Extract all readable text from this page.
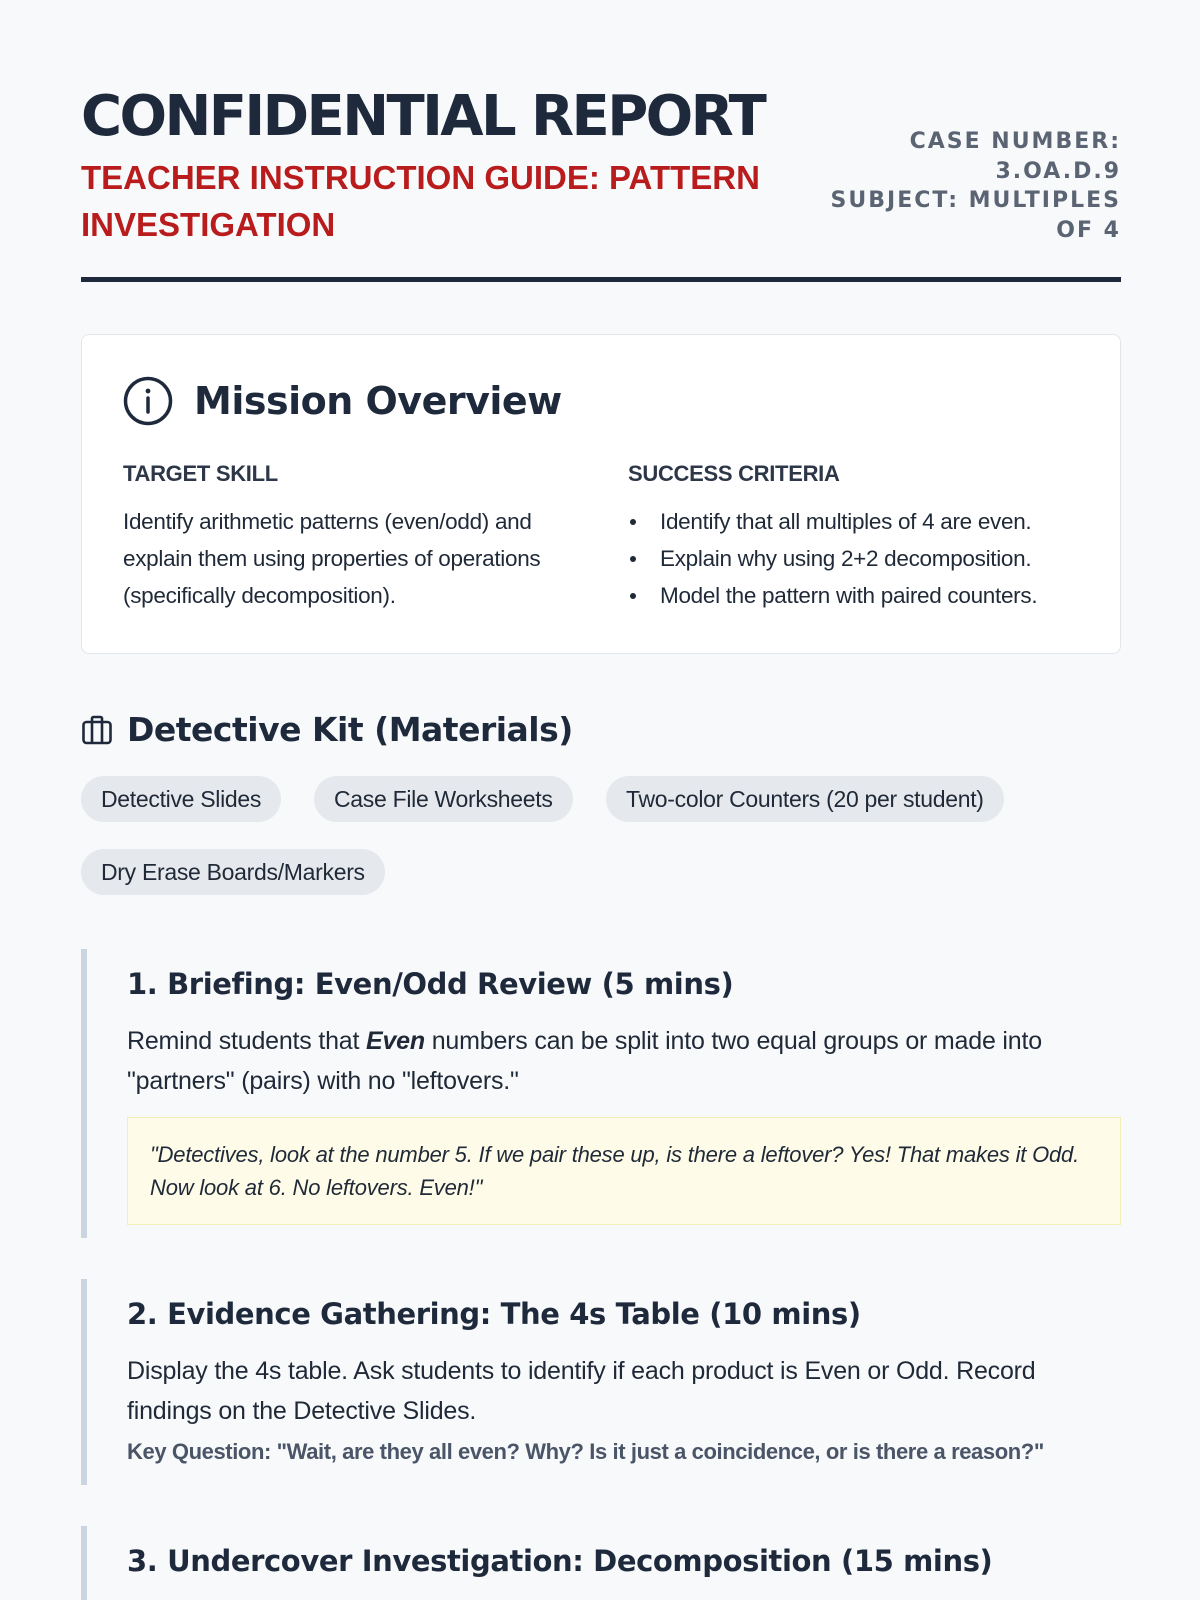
CONFIDENTIAL REPORT
TEACHER INSTRUCTION GUIDE: PATTERN INVESTIGATION
CASE NUMBER:
3.OA.D.9
SUBJECT: MULTIPLES
OF 4
Mission Overview
TARGET SKILL
Identify arithmetic patterns (even/odd) and explain them using properties of operations (specifically decomposition).
SUCCESS CRITERIA
Identify that all multiples of 4 are even.
Explain why using 2+2 decomposition.
Model the pattern with paired counters.
Detective Kit (Materials)
Detective Slides	Case File Worksheets	Two-color Counters (20 per student)
Dry Erase Boards/Markers
1. Briefing: Even/Odd Review (5 mins)
Remind students that Even numbers can be split into two equal groups or made into "partners" (pairs) with no "leftovers."
"Detectives, look at the number 5. If we pair these up, is there a leftover? Yes! That makes it Odd. Now look at 6. No leftovers. Even!"
2. Evidence Gathering: The 4s Table (10 mins)
Display the 4s table. Ask students to identify if each product is Even or Odd. Record findings on the Detective Slides.
Key Question: "Wait, are they all even? Why? Is it just a coincidence, or is there a reason?"
3. Undercover Investigation: Decomposition (15 mins)
